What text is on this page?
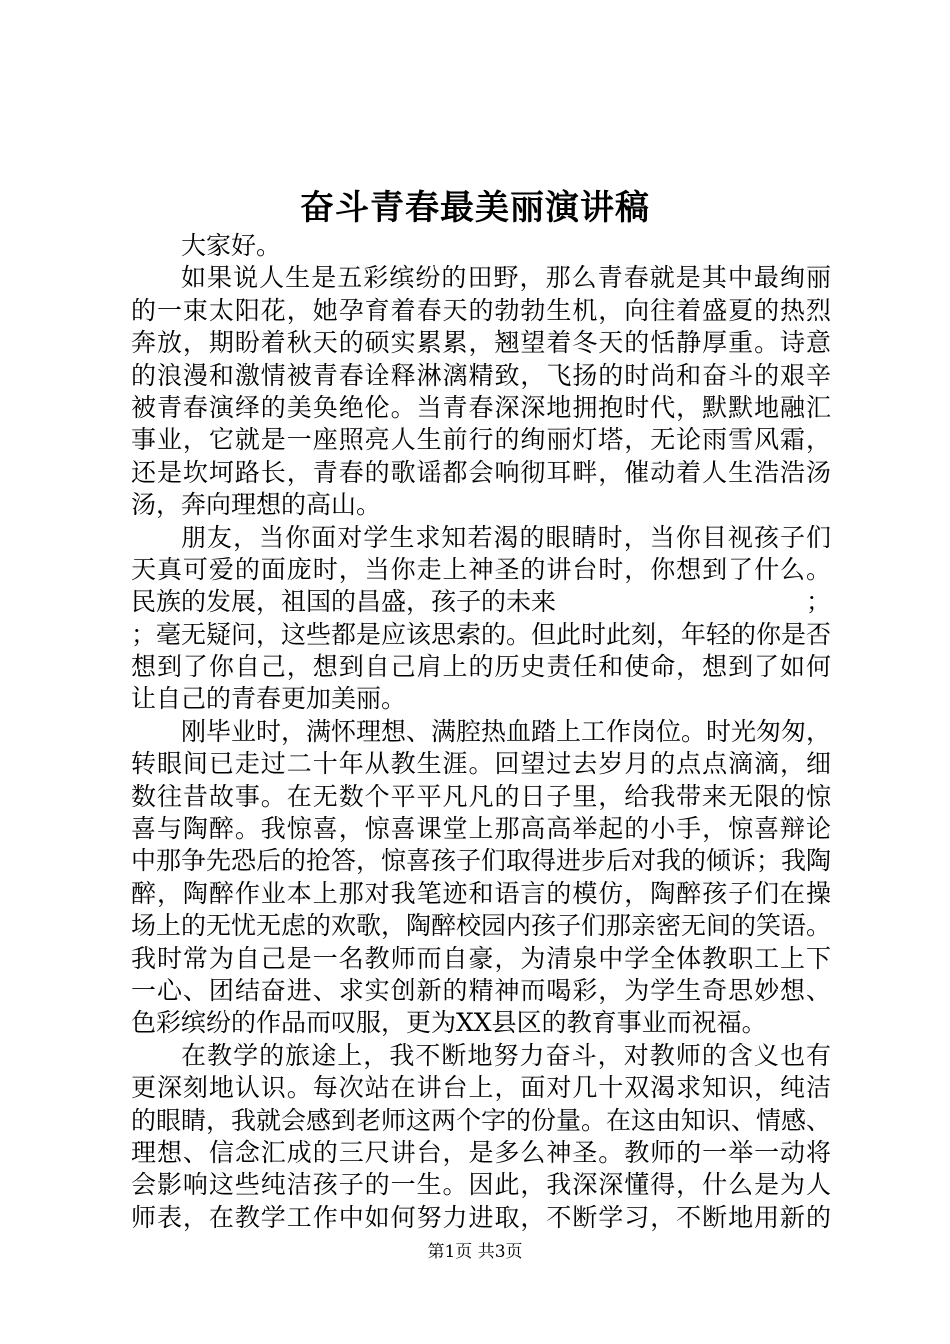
奋斗青春最美丽演讲稿
大家好。
如果说人生是五彩缤纷的田野，那么青春就是其中最绚丽
的一束太阳花，她孕育着春天的勃勃生机，向往着盛夏的热烈
奔放，期盼着秋天的硕实累累，翘望着冬天的恬静厚重。诗意
的浪漫和激情被青春诠释淋漓精致，飞扬的时尚和奋斗的艰辛
被青春演绎的美奂绝伦。当青春深深地拥抱时代，默默地融汇
事业，它就是一座照亮人生前行的绚丽灯塔，无论雨雪风霜，
还是坎坷路长，青春的歌谣都会响彻耳畔，催动着人生浩浩汤
汤，奔向理想的高山。
朋友，当你面对学生求知若渴的眼睛时，当你目视孩子们
天真可爱的面庞时，当你走上神圣的讲台时，你想到了什么。
民族的发展，祖国的昌盛，孩子的未来	；
；毫无疑问，这些都是应该思索的。但此时此刻，年轻的你是否
想到了你自己，想到自己肩上的历史责任和使命，想到了如何
让自己的青春更加美丽。
刚毕业时，满怀理想、满腔热血踏上工作岗位。时光匆匆，
转眼间已走过二十年从教生涯。回望过去岁月的点点滴滴，细
数往昔故事。在无数个平平凡凡的日子里，给我带来无限的惊
喜与陶醉。我惊喜，惊喜课堂上那高高举起的小手，惊喜辩论
中那争先恐后的抢答，惊喜孩子们取得进步后对我的倾诉；我陶
醉，陶醉作业本上那对我笔迹和语言的模仿，陶醉孩子们在操
场上的无忧无虑的欢歌，陶醉校园内孩子们那亲密无间的笑语。
我时常为自己是一名教师而自豪，为清泉中学全体教职工上下
一心、团结奋进、求实创新的精神而喝彩，为学生奇思妙想、
色彩缤纷的作品而叹服，更为XX县区的教育事业而祝福。
在教学的旅途上，我不断地努力奋斗，对教师的含义也有
更深刻地认识。每次站在讲台上，面对几十双渴求知识，纯洁
的眼睛，我就会感到老师这两个字的份量。在这由知识、情感、
理想、信念汇成的三尺讲台，是多么神圣。教师的一举一动将
会影响这些纯洁孩子的一生。因此，我深深懂得，什么是为人
师表，在教学工作中如何努力进取，不断学习，不断地用新的
第1页 共3页
